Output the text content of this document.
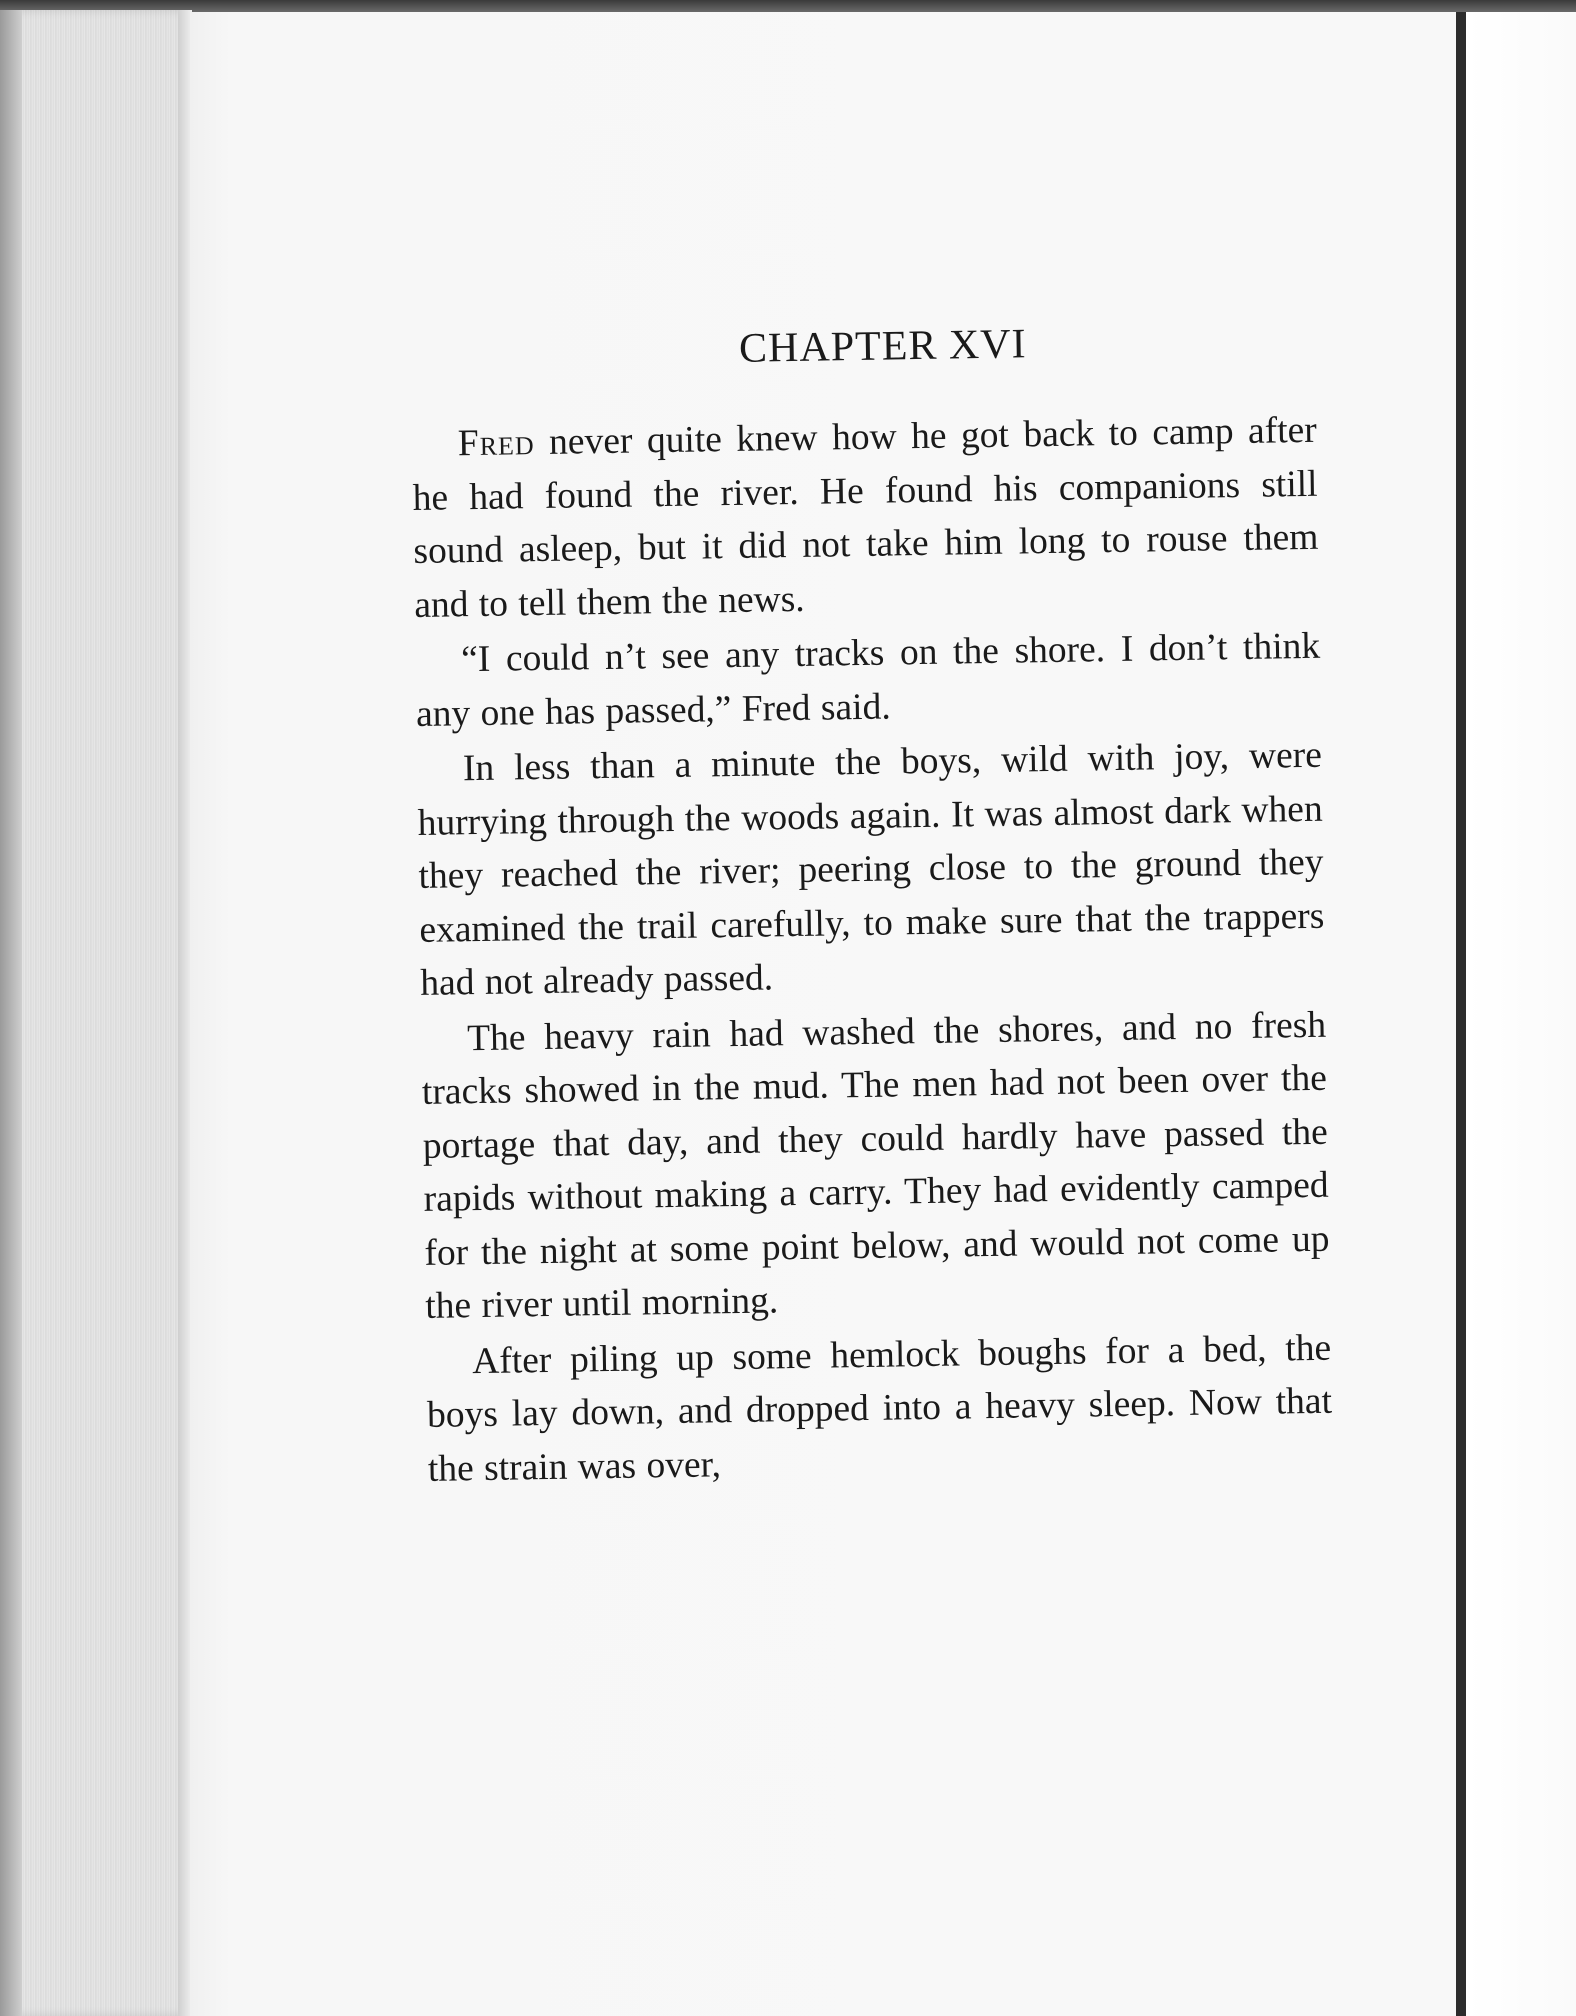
CHAPTER XVI

Fred never quite knew how he got back to camp after he had found the river. He found his companions still sound asleep, but it did not take him long to rouse them and to tell them the news.

“I could n’t see any tracks on the shore. I don’t think any one has passed,” Fred said.

In less than a minute the boys, wild with joy, were hurrying through the woods again. It was almost dark when they reached the river; peering close to the ground they examined the trail carefully, to make sure that the trappers had not already passed.

The heavy rain had washed the shores, and no fresh tracks showed in the mud. The men had not been over the portage that day, and they could hardly have passed the rapids without making a carry. They had evidently camped for the night at some point below, and would not come up the river until morning.

After piling up some hemlock boughs for a bed, the boys lay down, and dropped into a heavy sleep. Now that the strain was over,
